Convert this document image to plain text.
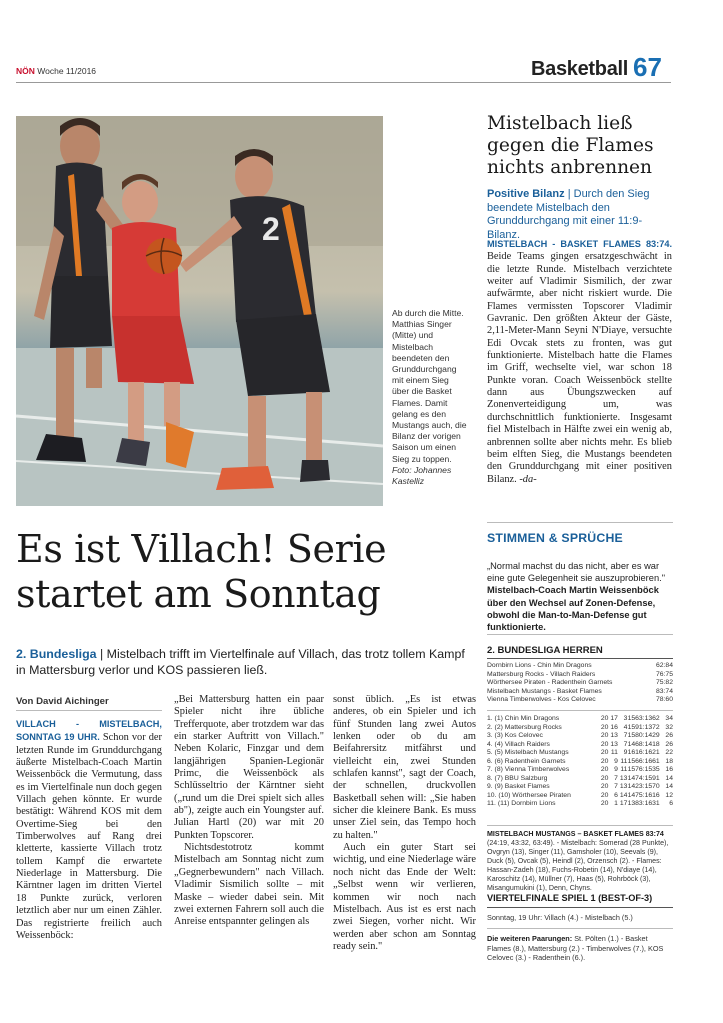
NÖN Woche 11/2016	Basketball 67
2
Ab durch die Mitte. Matthias Singer (Mitte) und Mistelbach beendeten den Grunddurchgang mit einem Sieg über die Basket Flames. Damit gelang es den Mustangs auch, die Bilanz der vorigen Saison um einen Sieg zu toppen.
Foto: Johannes Kastelliz
Mistelbach ließ gegen die Flames nichts anbrennen
Positive Bilanz | Durch den Sieg beendete Mistelbach den Grunddurchgang mit einer 11:9-Bilanz.
MISTELBACH - BASKET FLAMES 83:74. Beide Teams gingen ersatzgeschwächt in die letzte Runde. Mistelbach verzichtete weiter auf Vladimir Sismilich, der zwar aufwärmte, aber nicht riskiert wurde. Die Flames vermissten Topscorer Vladimir Gavranic. Den größten Akteur der Gäste, 2,11-Meter-Mann Seyni N'Diaye, versuchte Edi Ovcak stets zu fronten, was gut funktionierte. Mistelbach hatte die Flames im Griff, wechselte viel, war schon 18 Punkte voran. Coach Weissenböck stellte dann aus Übungszwecken auf Zonenverteidigung um, was durchschnittlich funktionierte. Insgesamt fiel Mistelbach in Hälfte zwei ein wenig ab, anbrennen sollte aber nichts mehr. Es blieb beim elften Sieg, die Mustangs beendeten den Grunddurchgang mit einer positiven Bilanz. -da-
STIMMEN & SPRÜCHE
„Normal machst du das nicht, aber es war eine gute Gelegenheit sie auszuprobieren."
Mistelbach-Coach Martin Weissenböck über den Wechsel auf Zonen-Defense, obwohl die Man-to-Man-Defense gut funktionierte.
2. BUNDESLIGA HERREN
Dornbirn Lions - Chin Min Dragons	62:84
Mattersburg Rocks - Villach Raiders	76:75
Wörthersee Piraten - Radenthein Garnets	75:82
Mistelbach Mustangs - Basket Flames	83:74
Vienna Timberwolves - Kos Celovec	78:60
1. (1) Chin Min Dragons	20 17 3 1563:1362 34
2. (2) Mattersburg Rocks	20 16 4 1591:1372 32
3. (3) Kos Celovec	20 13 7 1580:1429 26
4. (4) Villach Raiders	20 13 7 1468:1418 26
5. (5) Mistelbach Mustangs	20 11 9 1616:1621 22
6. (6) Radenthein Garnets	20 9 11 1566:1661 18
7. (8) Vienna Timberwolves	20 9 11 1576:1535 16
8. (7) BBU Salzburg	20 7 13 1474:1591 14
9. (9) Basket Flames	20 7 13 1423:1570 14
10. (10) Wörthersee Piraten	20 6 14 1475:1616 12
11. (11) Dornbirn Lions	20 1 17 1383:1631	6
MISTELBACH MUSTANGS – BASKET FLAMES 83:74 (24:19, 43:32, 63:49). - Mistelbach: Somerad (28 Punkte), Ovgryn (13), Singer (11), Gamsholer (10), Seevals (9), Duck (5), Ovcak (5), Heindl (2), Orzensch (2). - Flames: Hassan-Zadeh (18), Fuchs-Robetin (14), N'diaye (14), Karoschitz (14), Müllner (7), Haas (5), Rohrböck (3), Misangumukini (1), Denn, Chyns.
VIERTELFINALE SPIEL 1 (BEST-OF-3)
Sonntag, 19 Uhr: Villach (4.) - Mistelbach (5.)
Die weiteren Paarungen: St. Pölten (1.) - Basket Flames (8.), Mattersburg (2.) - Timberwolves (7.), KOS Celovec (3.) - Radenthein (6.).
Es ist Villach! Serie startet am Sonntag
2. Bundesliga | Mistelbach trifft im Viertelfinale auf Villach, das trotz tollem Kampf in Mattersburg verlor und KOS passieren ließ.
Von David Aichinger

VILLACH - MISTELBACH, SONNTAG 19 UHR. Schon vor der letzten Runde im Grunddurchgang äußerte Mistelbach-Coach Martin Weissenböck die Vermutung, dass es im Viertelfinale nun doch gegen Villach gehen könnte. Er wurde bestätigt: Während KOS mit dem Overtime-Sieg bei den Timberwolves auf Rang drei kletterte, kassierte Villach trotz tollem Kampf die erwartete Niederlage in Mattersburg. Die Kärntner lagen im dritten Viertel 18 Punkte zurück, verloren letztlich aber nur um einen Zähler. Das registrierte freilich auch Weissenböck:

„Bei Mattersburg hatten ein paar Spieler nicht ihre übliche Trefferquote, aber trotzdem war das ein starker Auftritt von Villach." Neben Kolaric, Finzgar und dem langjährigen Spanien-Legionär Primc, die Weissenböck als Schlüsseltrio der Kärntner sieht („rund um die Drei spielt sich alles ab"), zeigte auch ein Youngster auf. Julian Hartl (20) war mit 20 Punkten Topscorer.

Nichtsdestotrotz kommt Mistelbach am Sonntag nicht zum „Gegnerbewundern" nach Villach. Vladimir Sismilich sollte – mit Maske – wieder dabei sein. Mit zwei externen Fahrern soll auch die Anreise entspannter gelingen als

sonst üblich. „Es ist etwas anderes, ob ein Spieler und ich fünf Stunden lang zwei Autos lenken oder ob du am Beifahrersitz mitfährst und vielleicht ein, zwei Stunden schlafen kannst", sagt der Coach, der schnellen, druckvollen Basketball sehen will: „Sie haben sicher die kleinere Bank. Es muss unser Ziel sein, das Tempo hoch zu halten."

Auch ein guter Start sei wichtig, und eine Niederlage wäre noch nicht das Ende der Welt: „Selbst wenn wir verlieren, kommen wir noch nach Mistelbach. Aus ist es erst nach zwei Siegen, vorher nicht. Wir werden aber schon am Sonntag ready sein."
